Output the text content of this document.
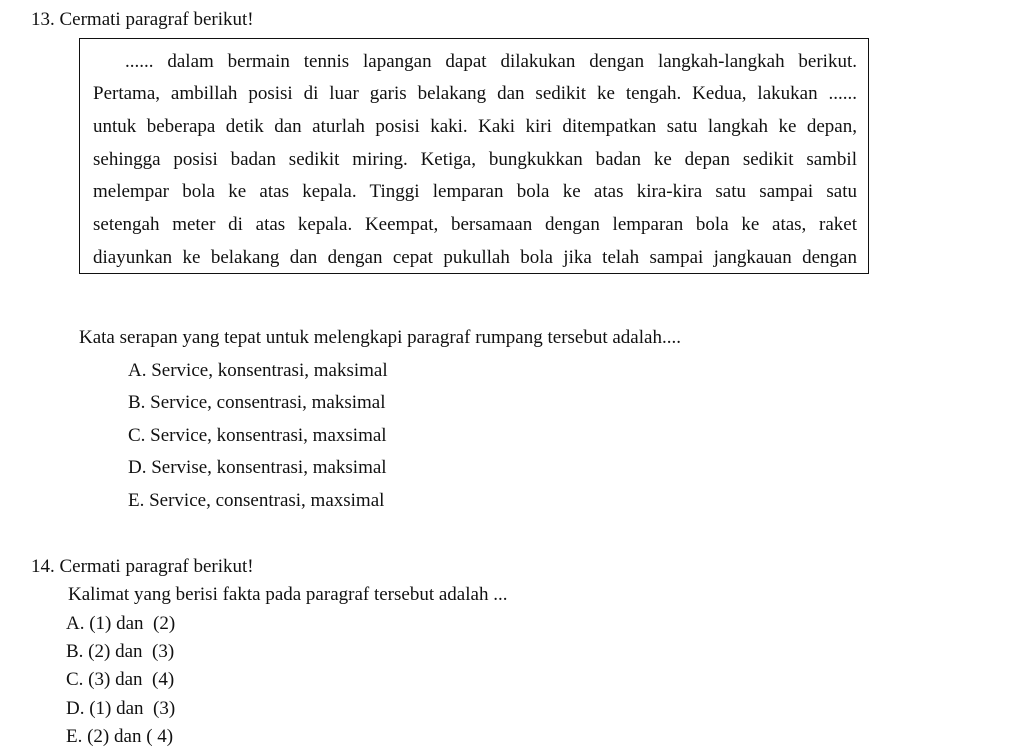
13. Cermati paragraf berikut!
...... dalam bermain tennis lapangan dapat dilakukan dengan langkah-langkah berikut.
Pertama, ambillah posisi di luar garis belakang dan sedikit ke tengah. Kedua, lakukan ......
untuk beberapa detik dan aturlah posisi kaki. Kaki kiri ditempatkan satu langkah ke depan,
sehingga posisi badan sedikit miring. Ketiga, bungkukkan badan ke depan sedikit sambil
melempar bola ke atas kepala. Tinggi lemparan bola ke atas kira-kira satu sampai satu
setengah meter di atas kepala. Keempat, bersamaan dengan lemparan bola ke atas, raket
diayunkan ke belakang dan dengan cepat pukullah bola jika telah sampai jangkauan dengan
Kata serapan yang tepat untuk melengkapi paragraf rumpang tersebut adalah....
A. Service, konsentrasi, maksimal
B. Service, consentrasi, maksimal
C. Service, konsentrasi, maxsimal
D. Servise, konsentrasi, maksimal
E. Service, consentrasi, maxsimal
14. Cermati paragraf berikut!
Kalimat yang berisi fakta pada paragraf tersebut adalah ...
A. (1) dan  (2)
B. (2) dan  (3)
C. (3) dan  (4)
D. (1) dan  (3)
E. (2) dan ( 4)
